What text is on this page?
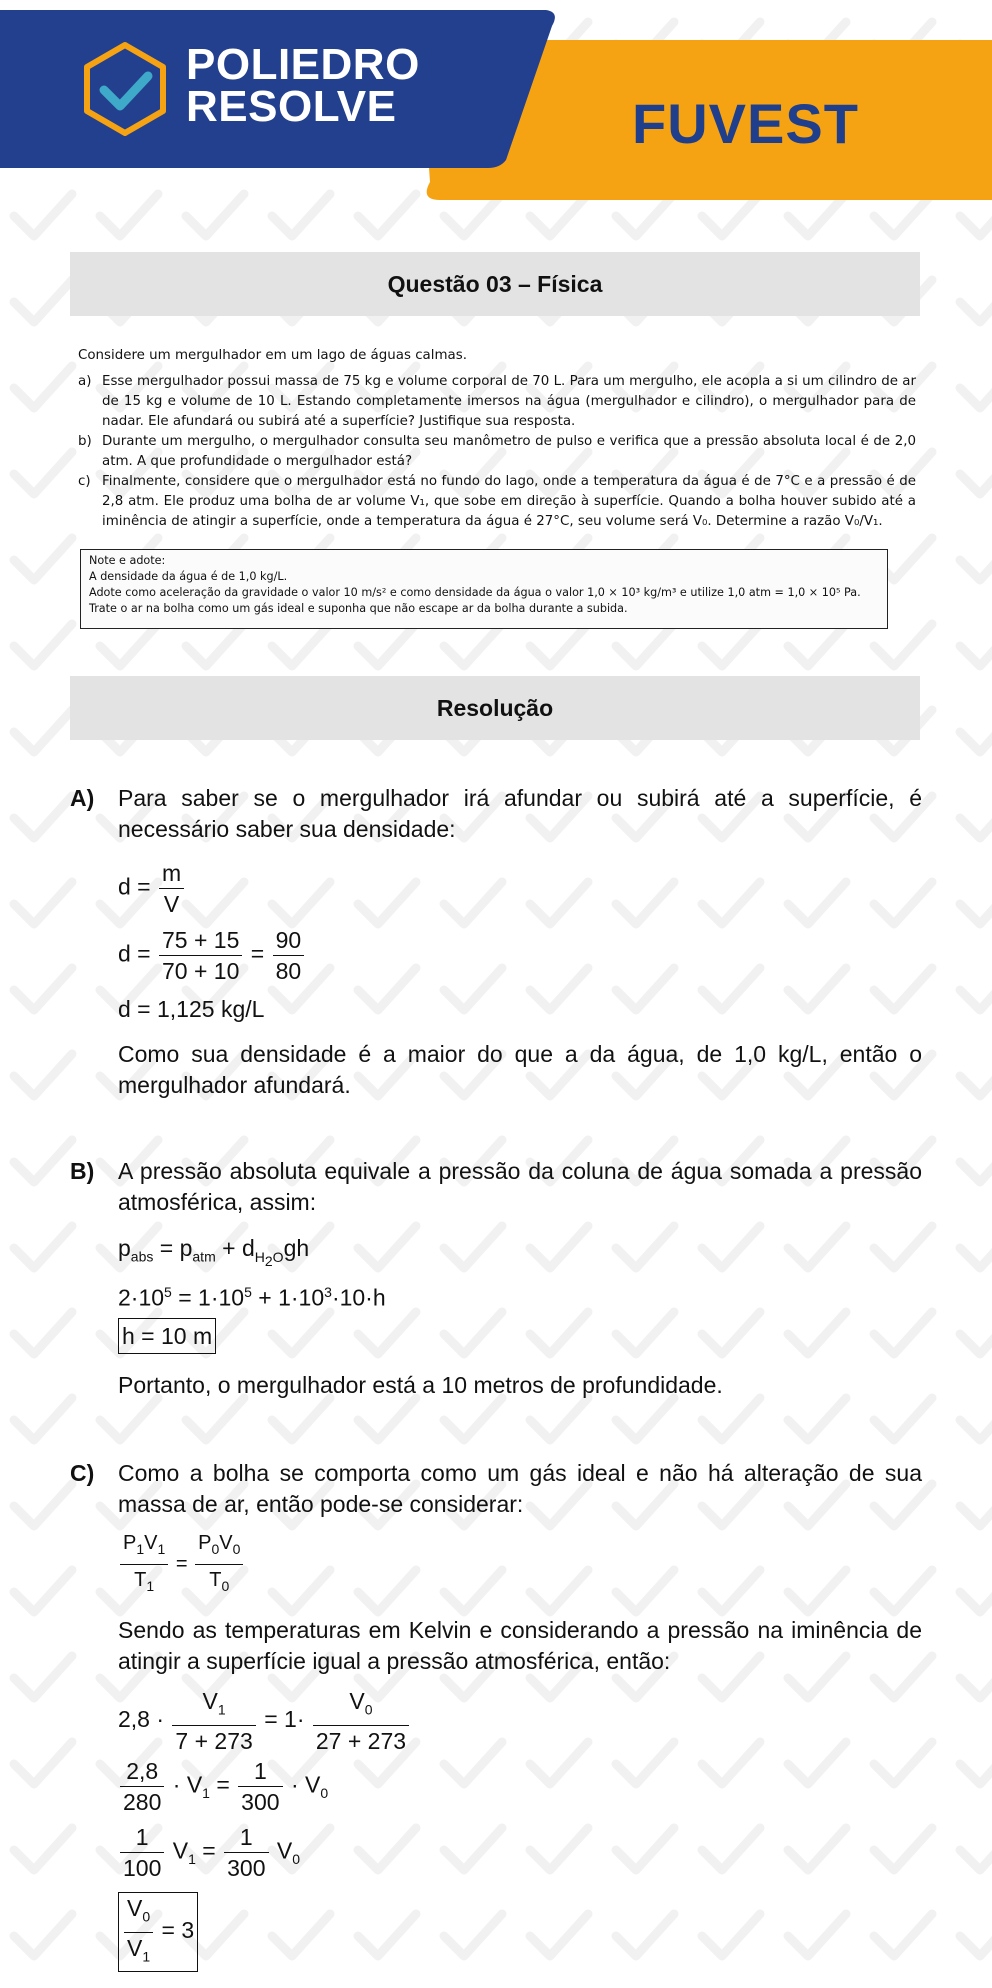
POLIEDRO
RESOLVE	FUVEST
Questão 03 – Física
Considere um mergulhador em um lago de águas calmas.
a) Esse mergulhador possui massa de 75 kg e volume corporal de 70 L. Para um mergulho, ele acopla a si um cilindro de ar de 15 kg e volume de 10 L. Estando completamente imersos na água (mergulhador e cilindro), o mergulhador para de nadar. Ele afundará ou subirá até a superfície? Justifique sua resposta.
b) Durante um mergulho, o mergulhador consulta seu manômetro de pulso e verifica que a pressão absoluta local é de 2,0 atm. A que profundidade o mergulhador está?
c) Finalmente, considere que o mergulhador está no fundo do lago, onde a temperatura da água é de 7°C e a pressão é de 2,8 atm. Ele produz uma bolha de ar volume V₁, que sobe em direção à superfície. Quando a bolha houver subido até a iminência de atingir a superfície, onde a temperatura da água é 27°C, seu volume será V₀. Determine a razão V₀/V₁.
Note e adote:
A densidade da água é de 1,0 kg/L.
Adote como aceleração da gravidade o valor 10 m/s² e como densidade da água o valor 1,0 × 10³ kg/m³ e utilize 1,0 atm = 1,0 × 10⁵ Pa.
Trate o ar na bolha como um gás ideal e suponha que não escape ar da bolha durante a subida.
Resolução
A) Para saber se o mergulhador irá afundar ou subirá até a superfície, é necessário saber sua densidade:
$d = \frac{m}{V}$
$d = \frac{75 + 15}{70 + 10} = \frac{90}{80}$
d = 1,125 kg/L
Como sua densidade é a maior do que a da água, de 1,0 kg/L, então o mergulhador afundará.
B) A pressão absoluta equivale a pressão da coluna de água somada a pressão atmosférica, assim:
$p_{abs} = p_{atm} + d_{H_2O}gh$
$2\cdot 10^5 = 1\cdot 10^5 + 1\cdot 10^3\cdot 10\cdot h$
h = 10 m
Portanto, o mergulhador está a 10 metros de profundidade.
C) Como a bolha se comporta como um gás ideal e não há alteração de sua massa de ar, então pode-se considerar:
$\frac{P_1V_1}{T_1} = \frac{P_0V_0}{T_0}$
Sendo as temperaturas em Kelvin e considerando a pressão na iminência de atingir a superfície igual a pressão atmosférica, então:
$2,8 \cdot \frac{V_1}{7 + 273} = 1\cdot \frac{V_0}{27 + 273}$
$\frac{2,8}{280} \cdot V_1 = \frac{1}{300} \cdot V_0$
$\frac{1}{100} V_1 = \frac{1}{300} V_0$
$\frac{V_0}{V_1} = 3$
